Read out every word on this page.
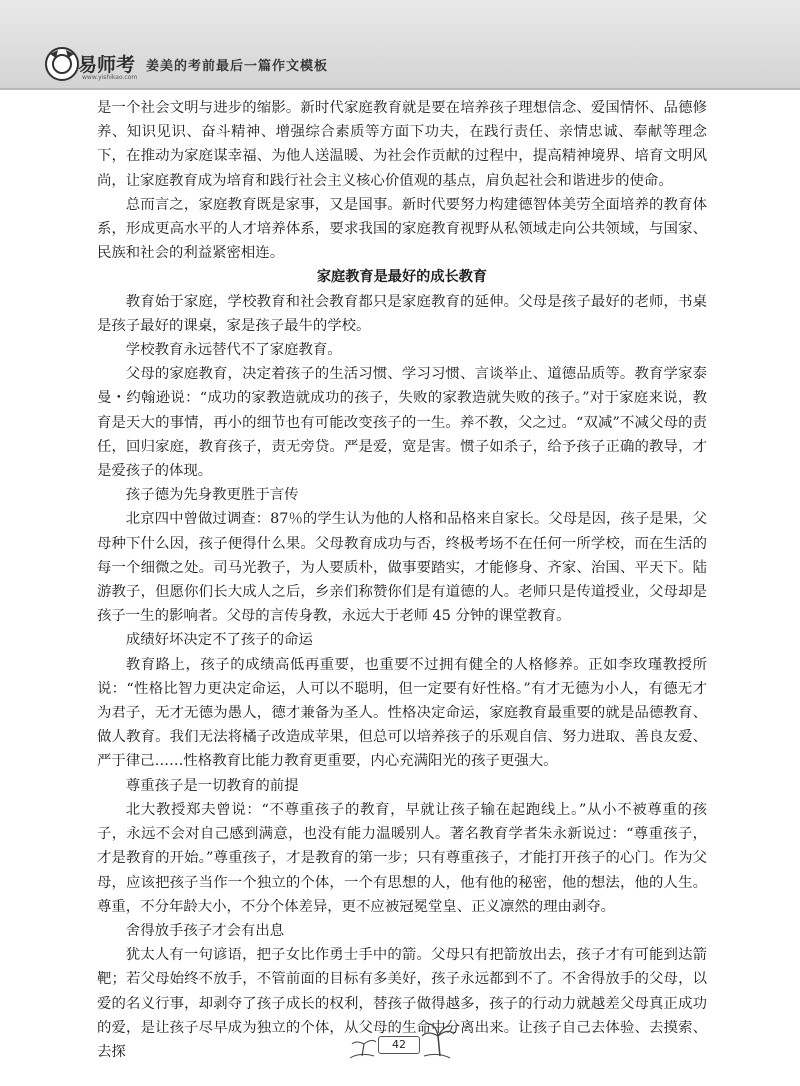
易师考
www.yishikao.com
姜美的考前最后一篇作文模板

是一个社会文明与进步的缩影。新时代家庭教育就是要在培养孩子理想信念、爱国情怀、品德修养、知识见识、奋斗精神、增强综合素质等方面下功夫，在践行责任、亲情忠诚、奉献等理念下，在推动为家庭谋幸福、为他人送温暖、为社会作贡献的过程中，提高精神境界、培育文明风尚，让家庭教育成为培育和践行社会主义核心价值观的基点，肩负起社会和谐进步的使命。

总而言之，家庭教育既是家事，又是国事。新时代要努力构建德智体美劳全面培养的教育体系，形成更高水平的人才培养体系，要求我国的家庭教育视野从私领域走向公共领域，与国家、民族和社会的利益紧密相连。

家庭教育是最好的成长教育

教育始于家庭，学校教育和社会教育都只是家庭教育的延伸。父母是孩子最好的老师，书桌是孩子最好的课桌，家是孩子最牛的学校。

学校教育永远替代不了家庭教育。

父母的家庭教育，决定着孩子的生活习惯、学习习惯、言谈举止、道德品质等。教育学家泰曼・约翰逊说：“成功的家教造就成功的孩子，失败的家教造就失败的孩子。”对于家庭来说，教育是天大的事情，再小的细节也有可能改变孩子的一生。养不教，父之过。“双减”不减父母的责任，回归家庭，教育孩子，责无旁贷。严是爱，宽是害。惯子如杀子，给予孩子正确的教导，才是爱孩子的体现。

孩子德为先身教更胜于言传

北京四中曾做过调查：87％的学生认为他的人格和品格来自家长。父母是因，孩子是果，父母种下什么因，孩子便得什么果。父母教育成功与否，终极考场不在任何一所学校，而在生活的每一个细微之处。司马光教子，为人要质朴，做事要踏实，才能修身、齐家、治国、平天下。陆游教子，但愿你们长大成人之后，乡亲们称赞你们是有道德的人。老师只是传道授业，父母却是孩子一生的影响者。父母的言传身教，永远大于老师 45 分钟的课堂教育。

成绩好坏决定不了孩子的命运

教育路上，孩子的成绩高低再重要，也重要不过拥有健全的人格修养。正如李玫瑾教授所说：“性格比智力更决定命运，人可以不聪明，但一定要有好性格。”有才无德为小人，有德无才为君子，无才无德为愚人，德才兼备为圣人。性格决定命运，家庭教育最重要的就是品德教育、做人教育。我们无法将橘子改造成苹果，但总可以培养孩子的乐观自信、努力进取、善良友爱、严于律己……性格教育比能力教育更重要，内心充满阳光的孩子更强大。

尊重孩子是一切教育的前提

北大教授郑夫曾说：“不尊重孩子的教育，早就让孩子输在起跑线上。”从小不被尊重的孩子，永远不会对自己感到满意，也没有能力温暖别人。著名教育学者朱永新说过：“尊重孩子，才是教育的开始。”尊重孩子，才是教育的第一步；只有尊重孩子，才能打开孩子的心门。作为父母，应该把孩子当作一个独立的个体，一个有思想的人，他有他的秘密，他的想法，他的人生。尊重，不分年龄大小，不分个体差异，更不应被冠冕堂皇、正义凛然的理由剥夺。

舍得放手孩子才会有出息

犹太人有一句谚语，把子女比作勇士手中的箭。父母只有把箭放出去，孩子才有可能到达箭靶；若父母始终不放手，不管前面的目标有多美好，孩子永远都到不了。不舍得放手的父母，以爱的名义行事，却剥夺了孩子成长的权利，替孩子做得越多，孩子的行动力就越差父母真正成功的爱，是让孩子尽早成为独立的个体，从父母的生命中分离出来。让孩子自己去体验、去摸索、去探	42
